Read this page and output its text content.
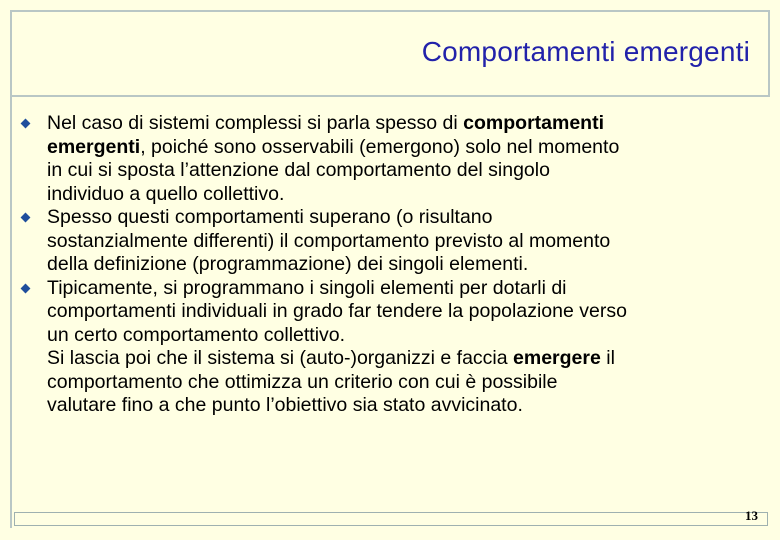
Comportamenti emergenti
Nel caso di sistemi complessi si parla spesso di comportamenti
emergenti, poiché sono osservabili (emergono) solo nel momento
in cui si sposta l’attenzione dal comportamento del singolo
individuo a quello collettivo.
Spesso questi comportamenti superano (o risultano
sostanzialmente differenti) il comportamento previsto al momento
della definizione (programmazione) dei singoli elementi.
Tipicamente, si programmano i singoli elementi per dotarli di
comportamenti individuali in grado far tendere la popolazione verso
un certo comportamento collettivo.
Si lascia poi che il sistema si (auto-)organizzi e faccia emergere il
comportamento che ottimizza un criterio con cui è possibile
valutare fino a che punto l’obiettivo sia stato avvicinato.
13
